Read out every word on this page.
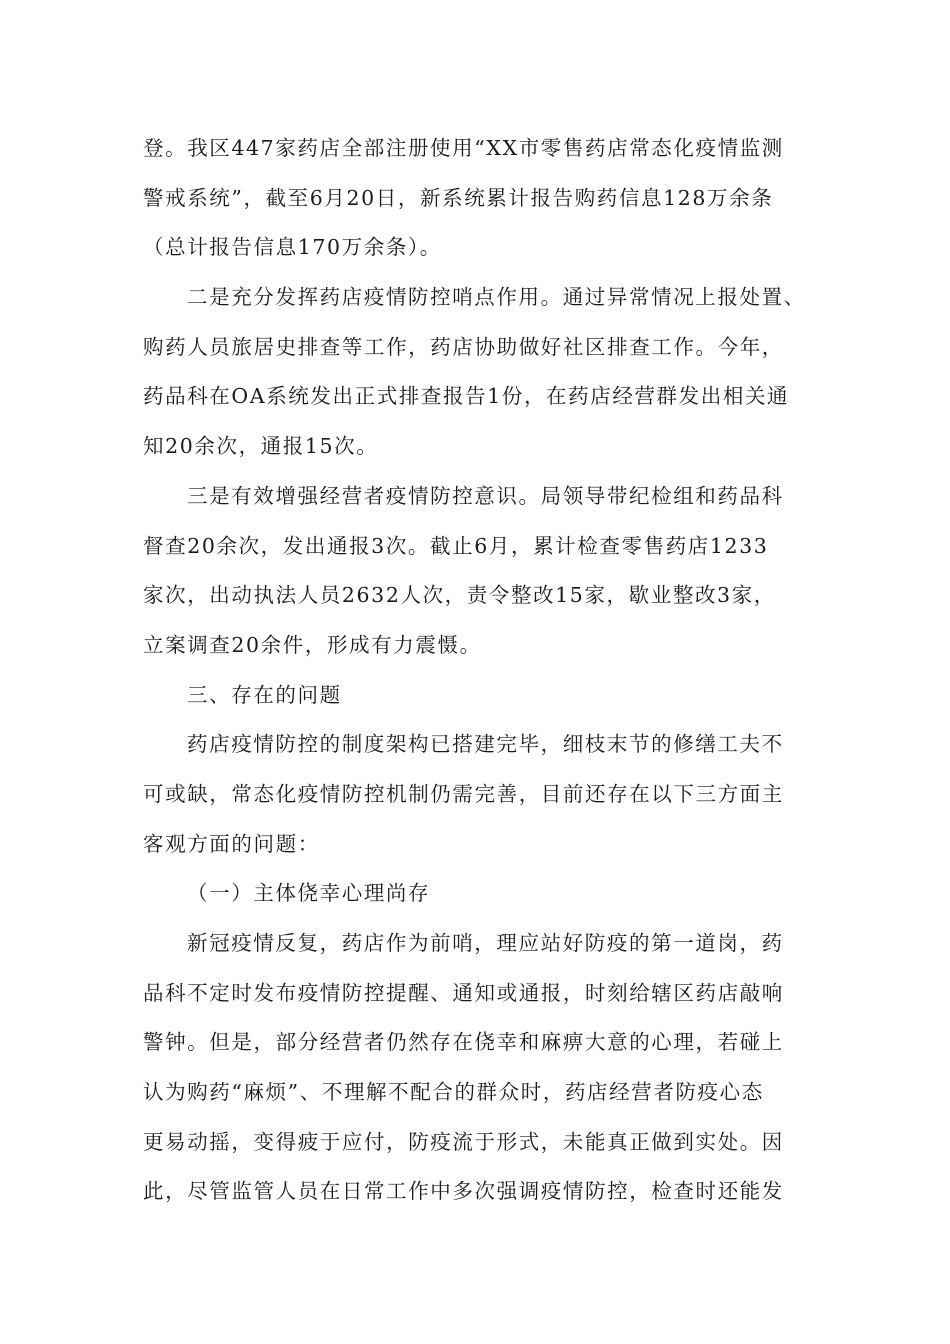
登。我区447家药店全部注册使用“XX市零售药店常态化疫情监测
警戒系统”，截至6月20日，新系统累计报告购药信息128万余条
（总计报告信息170万余条）。
二是充分发挥药店疫情防控哨点作用。通过异常情况上报处置、
购药人员旅居史排查等工作，药店协助做好社区排查工作。今年，
药品科在OA系统发出正式排查报告1份，在药店经营群发出相关通
知20余次，通报15次。
三是有效增强经营者疫情防控意识。局领导带纪检组和药品科
督查20余次，发出通报3次。截止6月，累计检查零售药店1233
家次，出动执法人员2632人次，责令整改15家，歇业整改3家，
立案调查20余件，形成有力震慑。
三、存在的问题
药店疫情防控的制度架构已搭建完毕，细枝末节的修缮工夫不
可或缺，常态化疫情防控机制仍需完善，目前还存在以下三方面主
客观方面的问题：
（一）主体侥幸心理尚存
新冠疫情反复，药店作为前哨，理应站好防疫的第一道岗，药
品科不定时发布疫情防控提醒、通知或通报，时刻给辖区药店敲响
警钟。但是，部分经营者仍然存在侥幸和麻痹大意的心理，若碰上
认为购药“麻烦”、不理解不配合的群众时，药店经营者防疫心态
更易动摇，变得疲于应付，防疫流于形式，未能真正做到实处。因
此，尽管监管人员在日常工作中多次强调疫情防控，检查时还能发
